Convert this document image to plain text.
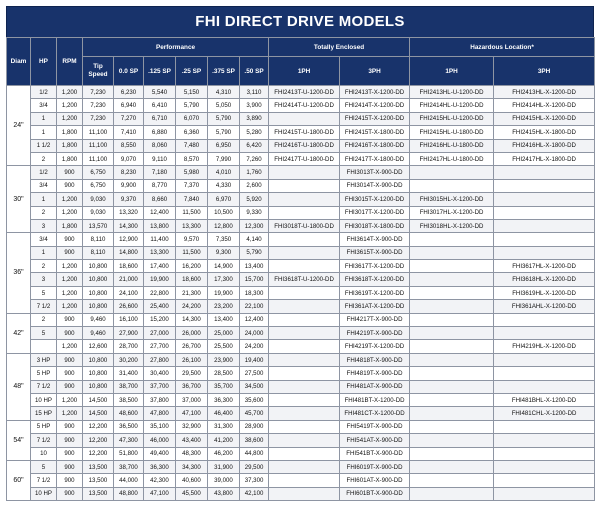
FHI DIRECT DRIVE MODELS
Diam	HP	RPM	Performance						Totally Enclosed		Hazardous Location*	
			Tip Speed	0.0 SP	.125 SP	.25 SP	.375 SP	.50 SP	1PH	3PH	1PH	3PH
24"	1/2	1,200	7,230	6,230	5,540	5,150	4,310	3,110	FHI2413T-U-1200-DD	FHI2413T-X-1200-DD	FHI2413HL-U-1200-DD	FHI2413HL-X-1200-DD
	3/4	1,200	7,230	6,940	6,410	5,790	5,050	3,900	FHI2414T-U-1200-DD	FHI2414T-X-1200-DD	FHI2414HL-U-1200-DD	FHI2414HL-X-1200-DD
	1	1,200	7,230	7,270	6,710	6,070	5,790	3,890		FHI2415T-X-1200-DD	FHI2415HL-U-1200-DD	FHI2415HL-X-1200-DD
	1	1,800	11,100	7,410	6,880	6,360	5,790	5,280	FHI2415T-U-1800-DD	FHI2415T-X-1800-DD	FHI2415HL-U-1800-DD	FHI2415HL-X-1800-DD
	1 1/2	1,800	11,100	8,550	8,060	7,480	6,950	6,420	FHI2416T-U-1800-DD	FHI2416T-X-1800-DD	FHI2416HL-U-1800-DD	FHI2416HL-X-1800-DD
	2	1,800	11,100	9,070	9,110	8,570	7,990	7,260	FHI2417T-U-1800-DD	FHI2417T-X-1800-DD	FHI2417HL-U-1800-DD	FHI2417HL-X-1800-DD
30"	1/2	900	6,750	8,230	7,180	5,980	4,010	1,760		FHI3013T-X-900-DD		
	3/4	900	6,750	9,900	8,770	7,370	4,330	2,600		FHI3014T-X-900-DD		
	1	1,200	9,030	9,370	8,660	7,840	6,970	5,920		FHI3015T-X-1200-DD	FHI3015HL-X-1200-DD	
	2	1,200	9,030	13,320	12,400	11,500	10,500	9,330		FHI3017T-X-1200-DD	FHI3017HL-X-1200-DD	
	3	1,800	13,570	14,300	13,800	13,300	12,800	12,300	FHI3018T-U-1800-DD	FHI3018T-X-1800-DD	FHI3018HL-X-1200-DD	
36"	3/4	900	8,110	12,900	11,400	9,570	7,350	4,140		FHI3614T-X-900-DD		
	1	900	8,110	14,800	13,300	11,500	9,300	5,790		FHI3615T-X-900-DD		
	2	1,200	10,800	18,600	17,400	16,200	14,900	13,400		FHI3617T-X-1200-DD		FHI3617HL-X-1200-DD
	3	1,200	10,800	21,000	19,900	18,600	17,300	15,700	FHI3618T-U-1200-DD	FHI3618T-X-1200-DD		FHI3618HL-X-1200-DD
	5	1,200	10,800	24,100	22,800	21,300	19,900	18,300		FHI3619T-X-1200-DD		FHI3619HL-X-1200-DD
	7 1/2	1,200	10,800	26,600	25,400	24,200	23,200	22,100		FHI361AT-X-1200-DD		FHI361AHL-X-1200-DD
42"	2	900	9,460	16,100	15,200	14,300	13,400	12,400		FHI4217T-X-900-DD		
	5	900	9,460	27,900	27,000	26,000	25,000	24,000		FHI4219T-X-900-DD		
		1,200	12,600	28,700	27,700	26,700	25,500	24,200		FHI4219T-X-1200-DD		FHI4219HL-X-1200-DD
48"	3 HP	900	10,800	30,200	27,800	26,100	23,900	19,400		FHI4818T-X-900-DD		
	5 HP	900	10,800	31,400	30,400	29,500	28,500	27,500		FHI4819T-X-900-DD		
	7 1/2	900	10,800	38,700	37,700	36,700	35,700	34,500		FHI481AT-X-900-DD		
	10 HP	1,200	14,500	38,500	37,800	37,000	36,300	35,600		FHI481BT-X-1200-DD		FHI481BHL-X-1200-DD
	15 HP	1,200	14,500	48,600	47,800	47,100	46,400	45,700		FHI481CT-X-1200-DD		FHI481CHL-X-1200-DD
54"	5 HP	900	12,200	36,500	35,100	32,900	31,300	28,900		FHI5419T-X-900-DD		
	7 1/2	900	12,200	47,300	46,000	43,400	41,200	38,600		FHI541AT-X-900-DD		
	10	900	12,200	51,800	49,400	48,300	46,200	44,800		FHI541BT-X-900-DD		
60"	5	900	13,500	38,700	36,300	34,300	31,900	29,500		FHI6019T-X-900-DD		
	7 1/2	900	13,500	44,000	42,300	40,600	39,000	37,300		FHI601AT-X-900-DD		
	10 HP	900	13,500	48,800	47,100	45,500	43,800	42,100		FHI601BT-X-900-DD		
